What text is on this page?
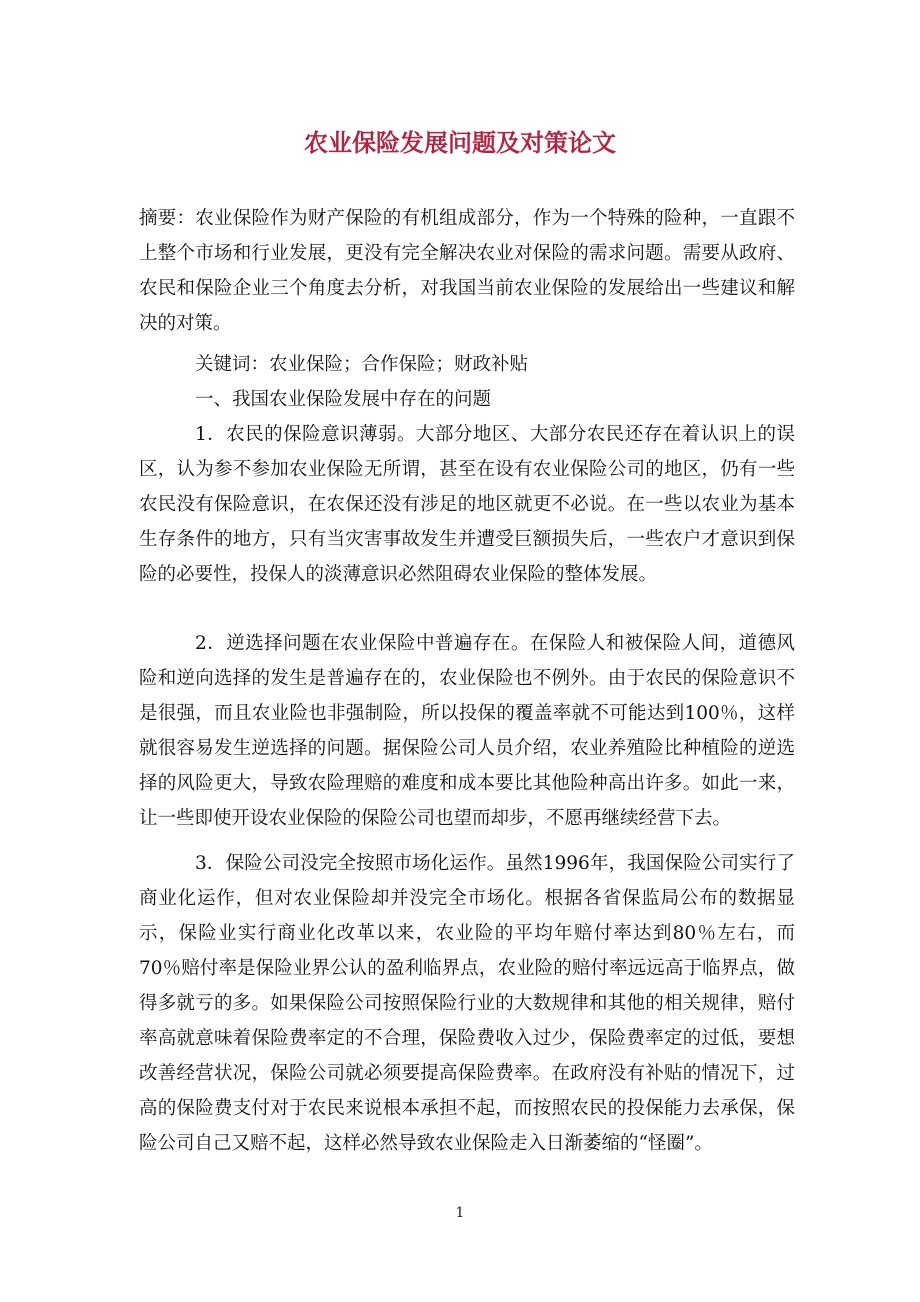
农业保险发展问题及对策论文
摘要：农业保险作为财产保险的有机组成部分，作为一个特殊的险种，一直跟不上整个市场和行业发展，更没有完全解决农业对保险的需求问题。需要从政府、农民和保险企业三个角度去分析，对我国当前农业保险的发展给出一些建议和解决的对策。
关键词：农业保险；合作保险；财政补贴
一、我国农业保险发展中存在的问题
1．农民的保险意识薄弱。大部分地区、大部分农民还存在着认识上的误区，认为参不参加农业保险无所谓，甚至在设有农业保险公司的地区，仍有一些农民没有保险意识，在农保还没有涉足的地区就更不必说。在一些以农业为基本生存条件的地方，只有当灾害事故发生并遭受巨额损失后，一些农户才意识到保险的必要性，投保人的淡薄意识必然阻碍农业保险的整体发展。
2．逆选择问题在农业保险中普遍存在。在保险人和被保险人间，道德风险和逆向选择的发生是普遍存在的，农业保险也不例外。由于农民的保险意识不是很强，而且农业险也非强制险，所以投保的覆盖率就不可能达到100％，这样就很容易发生逆选择的问题。据保险公司人员介绍，农业养殖险比种植险的逆选择的风险更大，导致农险理赔的难度和成本要比其他险种高出许多。如此一来，让一些即使开设农业保险的保险公司也望而却步，不愿再继续经营下去。
3．保险公司没完全按照市场化运作。虽然1996年，我国保险公司实行了商业化运作，但对农业保险却并没完全市场化。根据各省保监局公布的数据显示，保险业实行商业化改革以来，农业险的平均年赔付率达到80％左右，而70％赔付率是保险业界公认的盈利临界点，农业险的赔付率远远高于临界点，做得多就亏的多。如果保险公司按照保险行业的大数规律和其他的相关规律，赔付率高就意味着保险费率定的不合理，保险费收入过少，保险费率定的过低，要想改善经营状况，保险公司就必须要提高保险费率。在政府没有补贴的情况下，过高的保险费支付对于农民来说根本承担不起，而按照农民的投保能力去承保，保险公司自己又赔不起，这样必然导致农业保险走入日渐萎缩的“怪圈”。
1
